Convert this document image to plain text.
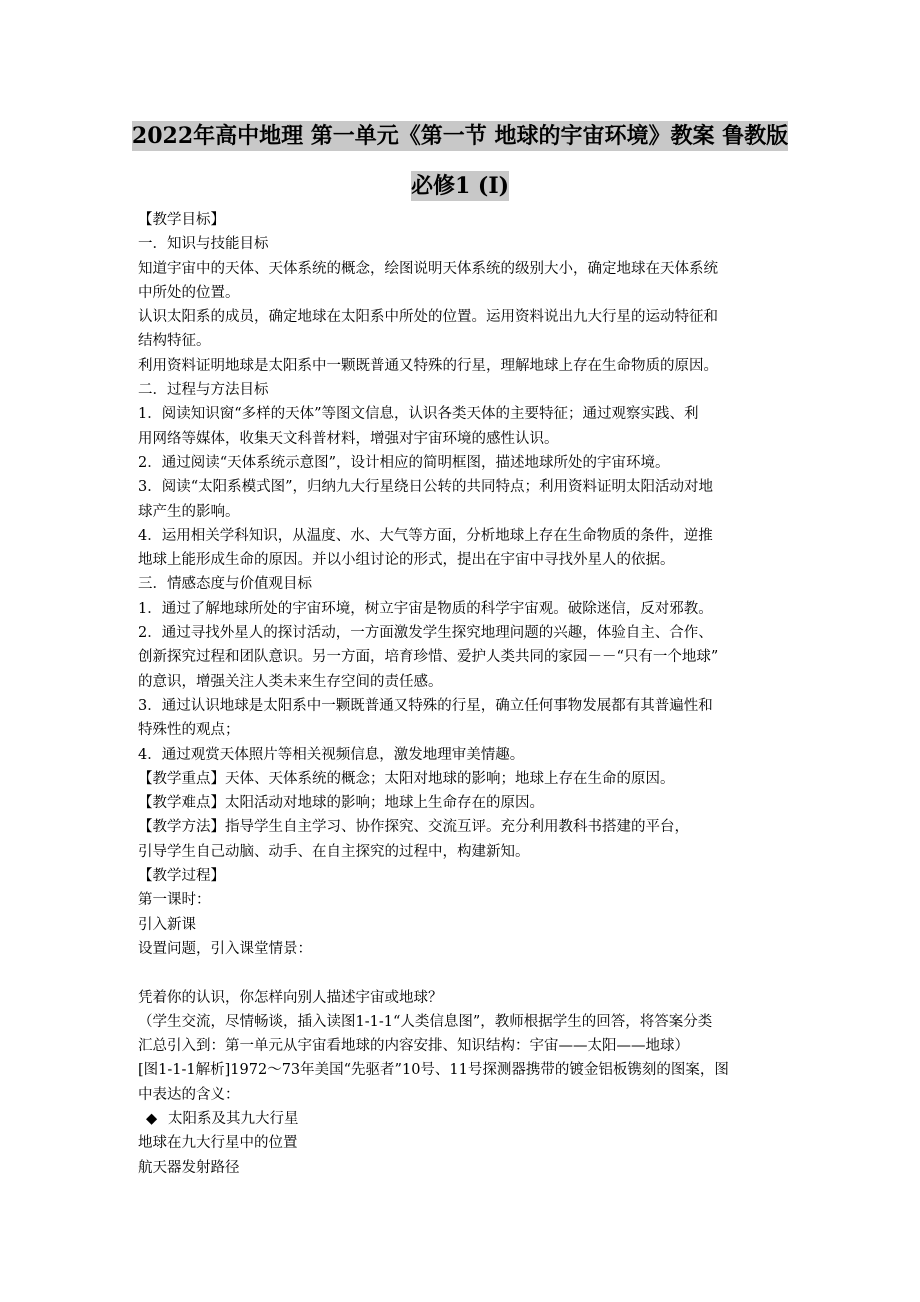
2022年高中地理 第一单元《第一节 地球的宇宙环境》教案 鲁教版
必修1 (I)

【教学目标】

一．知识与技能目标

知道宇宙中的天体、天体系统的概念，绘图说明天体系统的级别大小，确定地球在天体系统

中所处的位置。

认识太阳系的成员，确定地球在太阳系中所处的位置。运用资料说出九大行星的运动特征和

结构特征。

利用资料证明地球是太阳系中一颗既普通又特殊的行星，理解地球上存在生命物质的原因。

二．过程与方法目标

1．阅读知识窗“多样的天体”等图文信息，认识各类天体的主要特征；通过观察实践、利

用网络等媒体，收集天文科普材料，增强对宇宙环境的感性认识。

2．通过阅读“天体系统示意图”，设计相应的简明框图，描述地球所处的宇宙环境。

3．阅读“太阳系模式图”，归纳九大行星绕日公转的共同特点；利用资料证明太阳活动对地

球产生的影响。

4．运用相关学科知识，从温度、水、大气等方面，分析地球上存在生命物质的条件，逆推

地球上能形成生命的原因。并以小组讨论的形式，提出在宇宙中寻找外星人的依据。

三．情感态度与价值观目标

1．通过了解地球所处的宇宙环境，树立宇宙是物质的科学宇宙观。破除迷信，反对邪教。

2．通过寻找外星人的探讨活动，一方面激发学生探究地理问题的兴趣，体验自主、合作、

创新探究过程和团队意识。另一方面，培育珍惜、爱护人类共同的家园－－“只有一个地球”

的意识，增强关注人类未来生存空间的责任感。

3．通过认识地球是太阳系中一颗既普通又特殊的行星，确立任何事物发展都有其普遍性和

特殊性的观点；

4．通过观赏天体照片等相关视频信息，激发地理审美情趣。

【教学重点】天体、天体系统的概念；太阳对地球的影响；地球上存在生命的原因。

【教学难点】太阳活动对地球的影响；地球上生命存在的原因。

【教学方法】指导学生自主学习、协作探究、交流互评。充分利用教科书搭建的平台，

引导学生自己动脑、动手、在自主探究的过程中，构建新知。

【教学过程】

第一课时：

引入新课

设置问题，引入课堂情景：

凭着你的认识，你怎样向别人描述宇宙或地球？

（学生交流，尽情畅谈，插入读图1-1-1“人类信息图”，教师根据学生的回答，将答案分类

汇总引入到：第一单元从宇宙看地球的内容安排、知识结构：宇宙——太阳——地球）

[图1-1-1解析]1972～73年美国“先驱者”10号、11号探测器携带的镀金铝板镌刻的图案，图

中表达的含义：

◆ 太阳系及其九大行星

地球在九大行星中的位置

航天器发射路径
